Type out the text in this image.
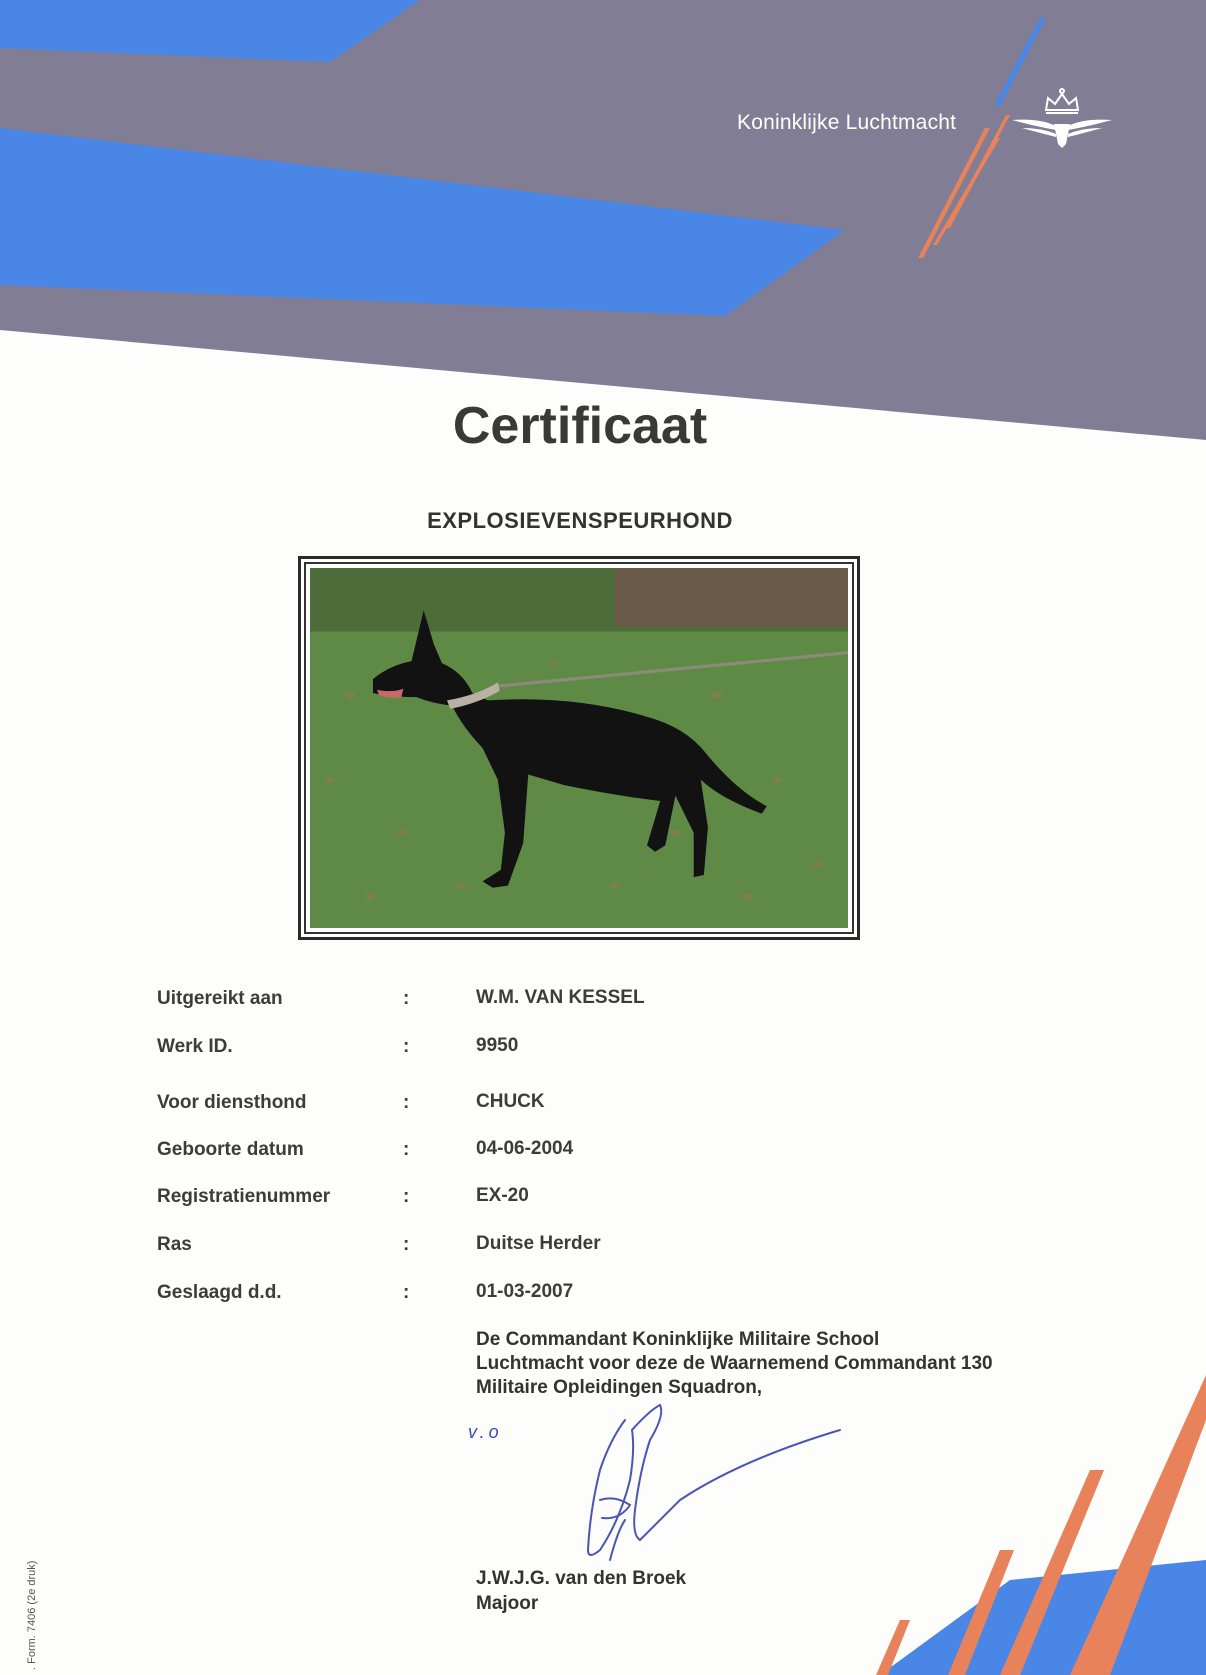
Koninklijke Luchtmacht
Certificaat
EXPLOSIEVENSPEURHOND
Uitgereikt aan	:	W.M. VAN KESSEL
Werk ID.	:	9950
Voor diensthond	:	CHUCK
Geboorte datum	:	04-06-2004
Registratienummer	:	EX-20
Ras	:	Duitse Herder
Geslaagd d.d.	:	01-03-2007
De Commandant Koninklijke Militaire School
Luchtmacht voor deze de Waarnemend Commandant 130
Militaire Opleidingen Squadron,
v.o
J.W.J.G. van den Broek
Majoor
. Form. 7406 (2e druk)
